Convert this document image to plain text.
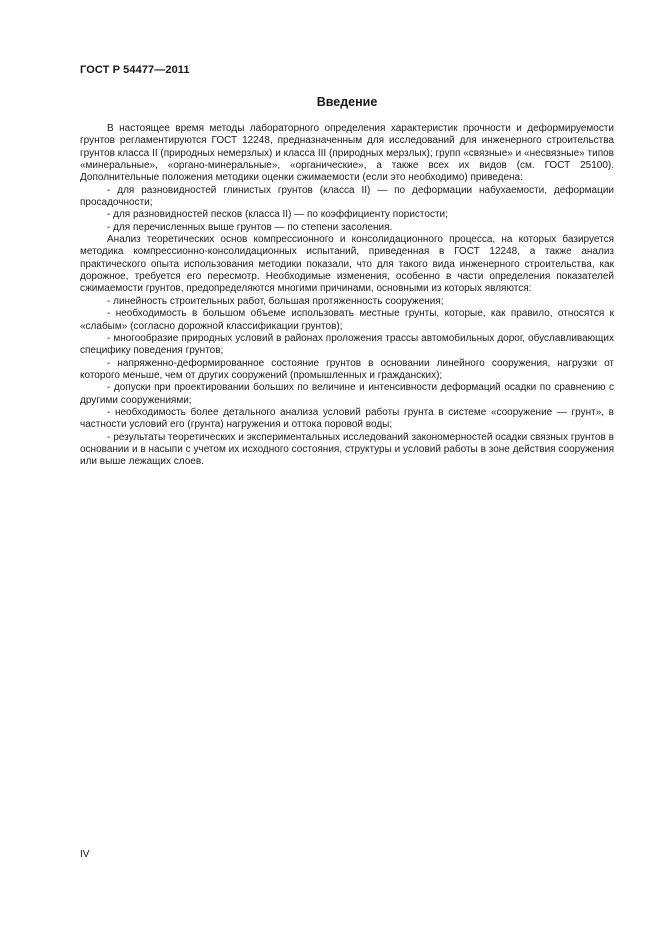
ГОСТ Р 54477—2011
Введение

В настоящее время методы лабораторного определения характеристик прочности и деформируемости грунтов регламентируются ГОСТ 12248, предназначенным для исследований для инженерного строительства грунтов класса II (природных немерзлых) и класса III (природных мерзлых); групп «связные» и «несвязные» типов «минеральные», «органо-минеральные», «органические», а также всех их видов (см. ГОСТ 25100). Дополнительные положения методики оценки сжимаемости (если это необходимо) приведена:

- для разновидностей глинистых грунтов (класса II) — по деформации набухаемости, деформации просадочности;

- для разновидностей песков (класса II) — по коэффициенту пористости;

- для перечисленных выше грунтов — по степени засоления.

Анализ теоретических основ компрессионного и консолидационного процесса, на которых базируется методика компрессионно-консолидационных испытаний, приведенная в ГОСТ 12248, а также анализ практического опыта использования методики показали, что для такого вида инженерного строительства, как дорожное, требуется его пересмотр. Необходимые изменения, особенно в части определения показателей сжимаемости грунтов, предопределяются многими причинами, основными из которых являются:

- линейность строительных работ, большая протяженность сооружения;

- необходимость в большом объеме использовать местные грунты, которые, как правило, относятся к «слабым» (согласно дорожной классификации грунтов);

- многообразие природных условий в районах проложения трассы автомобильных дорог, обуславливающих специфику поведения грунтов;

- напряженно-деформированное состояние грунтов в основании линейного сооружения, нагрузки от которого меньше, чем от других сооружений (промышленных и гражданских);

- допуски при проектировании больших по величине и интенсивности деформаций осадки по сравнению с другими сооружениями;

- необходимость более детального анализа условий работы грунта в системе «сооружение — грунт», в частности условий его (грунта) нагружения и оттока поровой воды;

- результаты теоретических и экспериментальных исследований закономерностей осадки связных грунтов в основании и в насыпи с учетом их исходного состояния, структуры и условий работы в зоне действия сооружения или выше лежащих слоев.

IV
